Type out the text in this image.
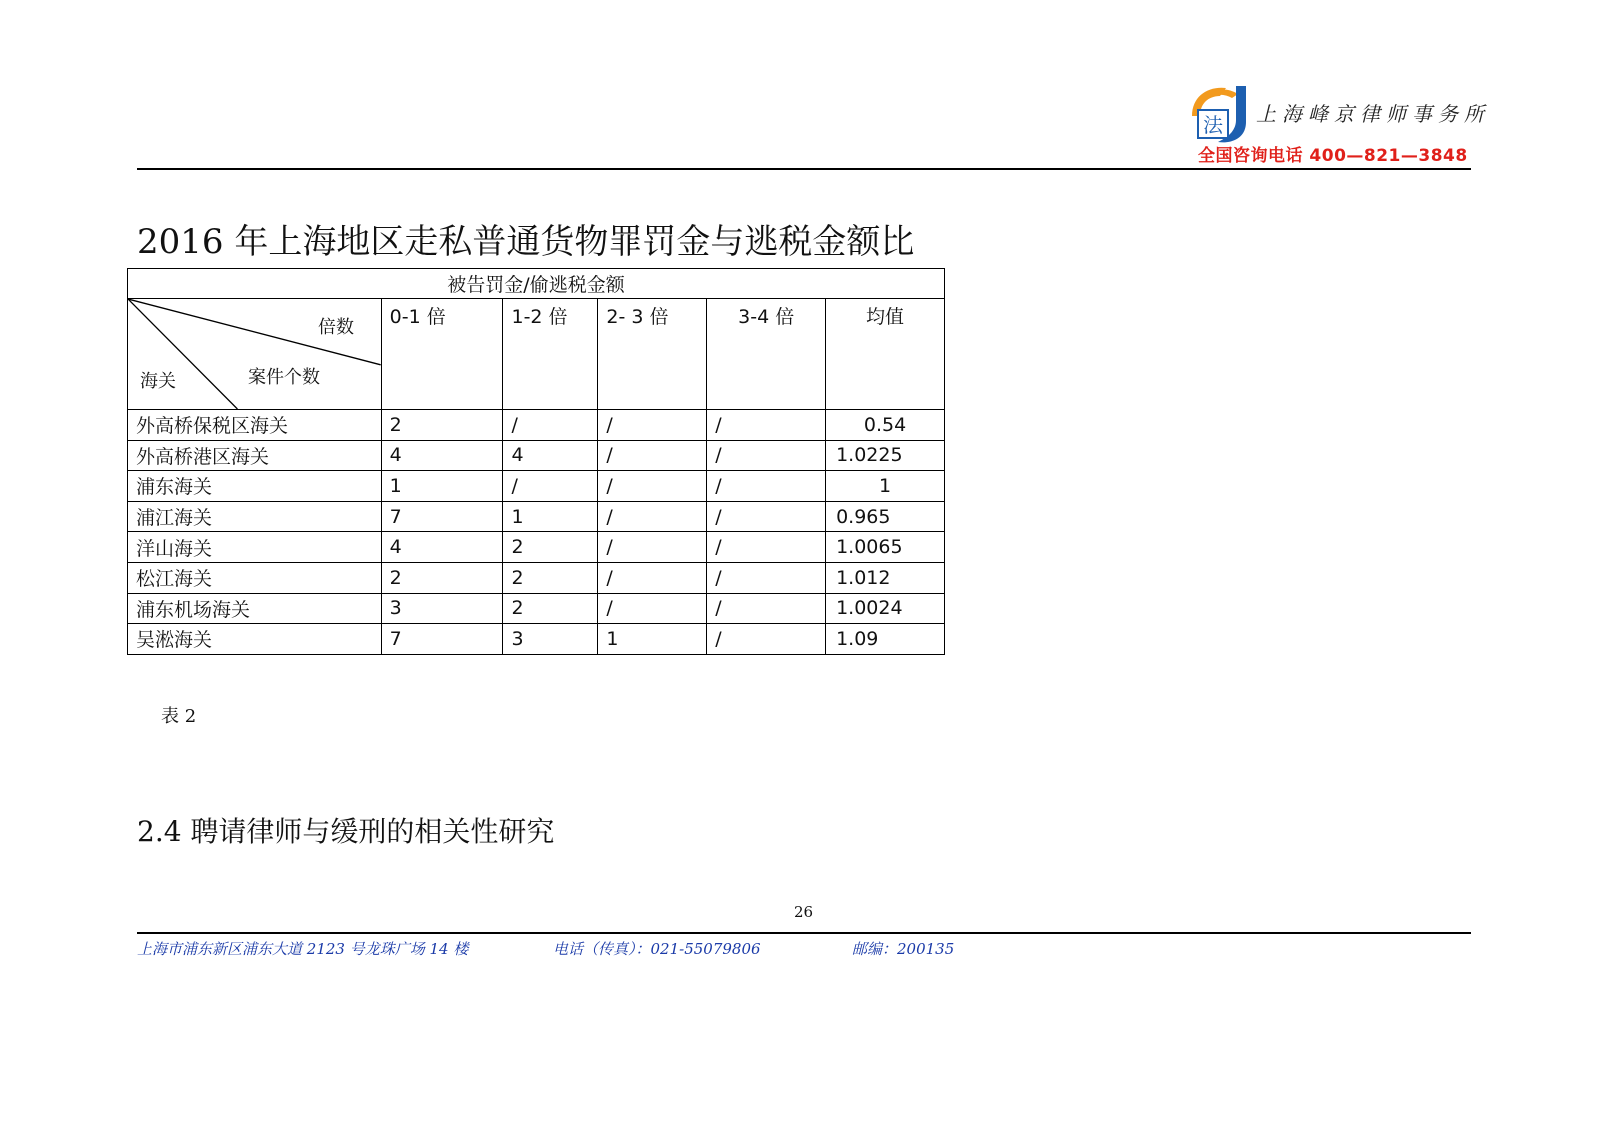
法 上海峰京律师事务所
全国咨询电话 400—821—3848
2016 年上海地区走私普通货物罪罚金与逃税金额比
被告罚金/偷逃税金额					

倍数
海关 案件个数	0-1 倍	1-2 倍	2- 3 倍	3-4 倍	均值
外高桥保税区海关	2	/	/	/	0.54
外高桥港区海关	4	4	/	/	1.0225
浦东海关	1	/	/	/	1
浦江海关	7	1	/	/	0.965
洋山海关	4	2	/	/	1.0065
松江海关	2	2	/	/	1.012
浦东机场海关	3	2	/	/	1.0024
吴淞海关	7	3	1	/	1.09
表 2
2.4 聘请律师与缓刑的相关性研究
26
上海市浦东新区浦东大道 2123 号龙珠广场 14 楼	电话（传真）：021-55079806	邮编：200135
